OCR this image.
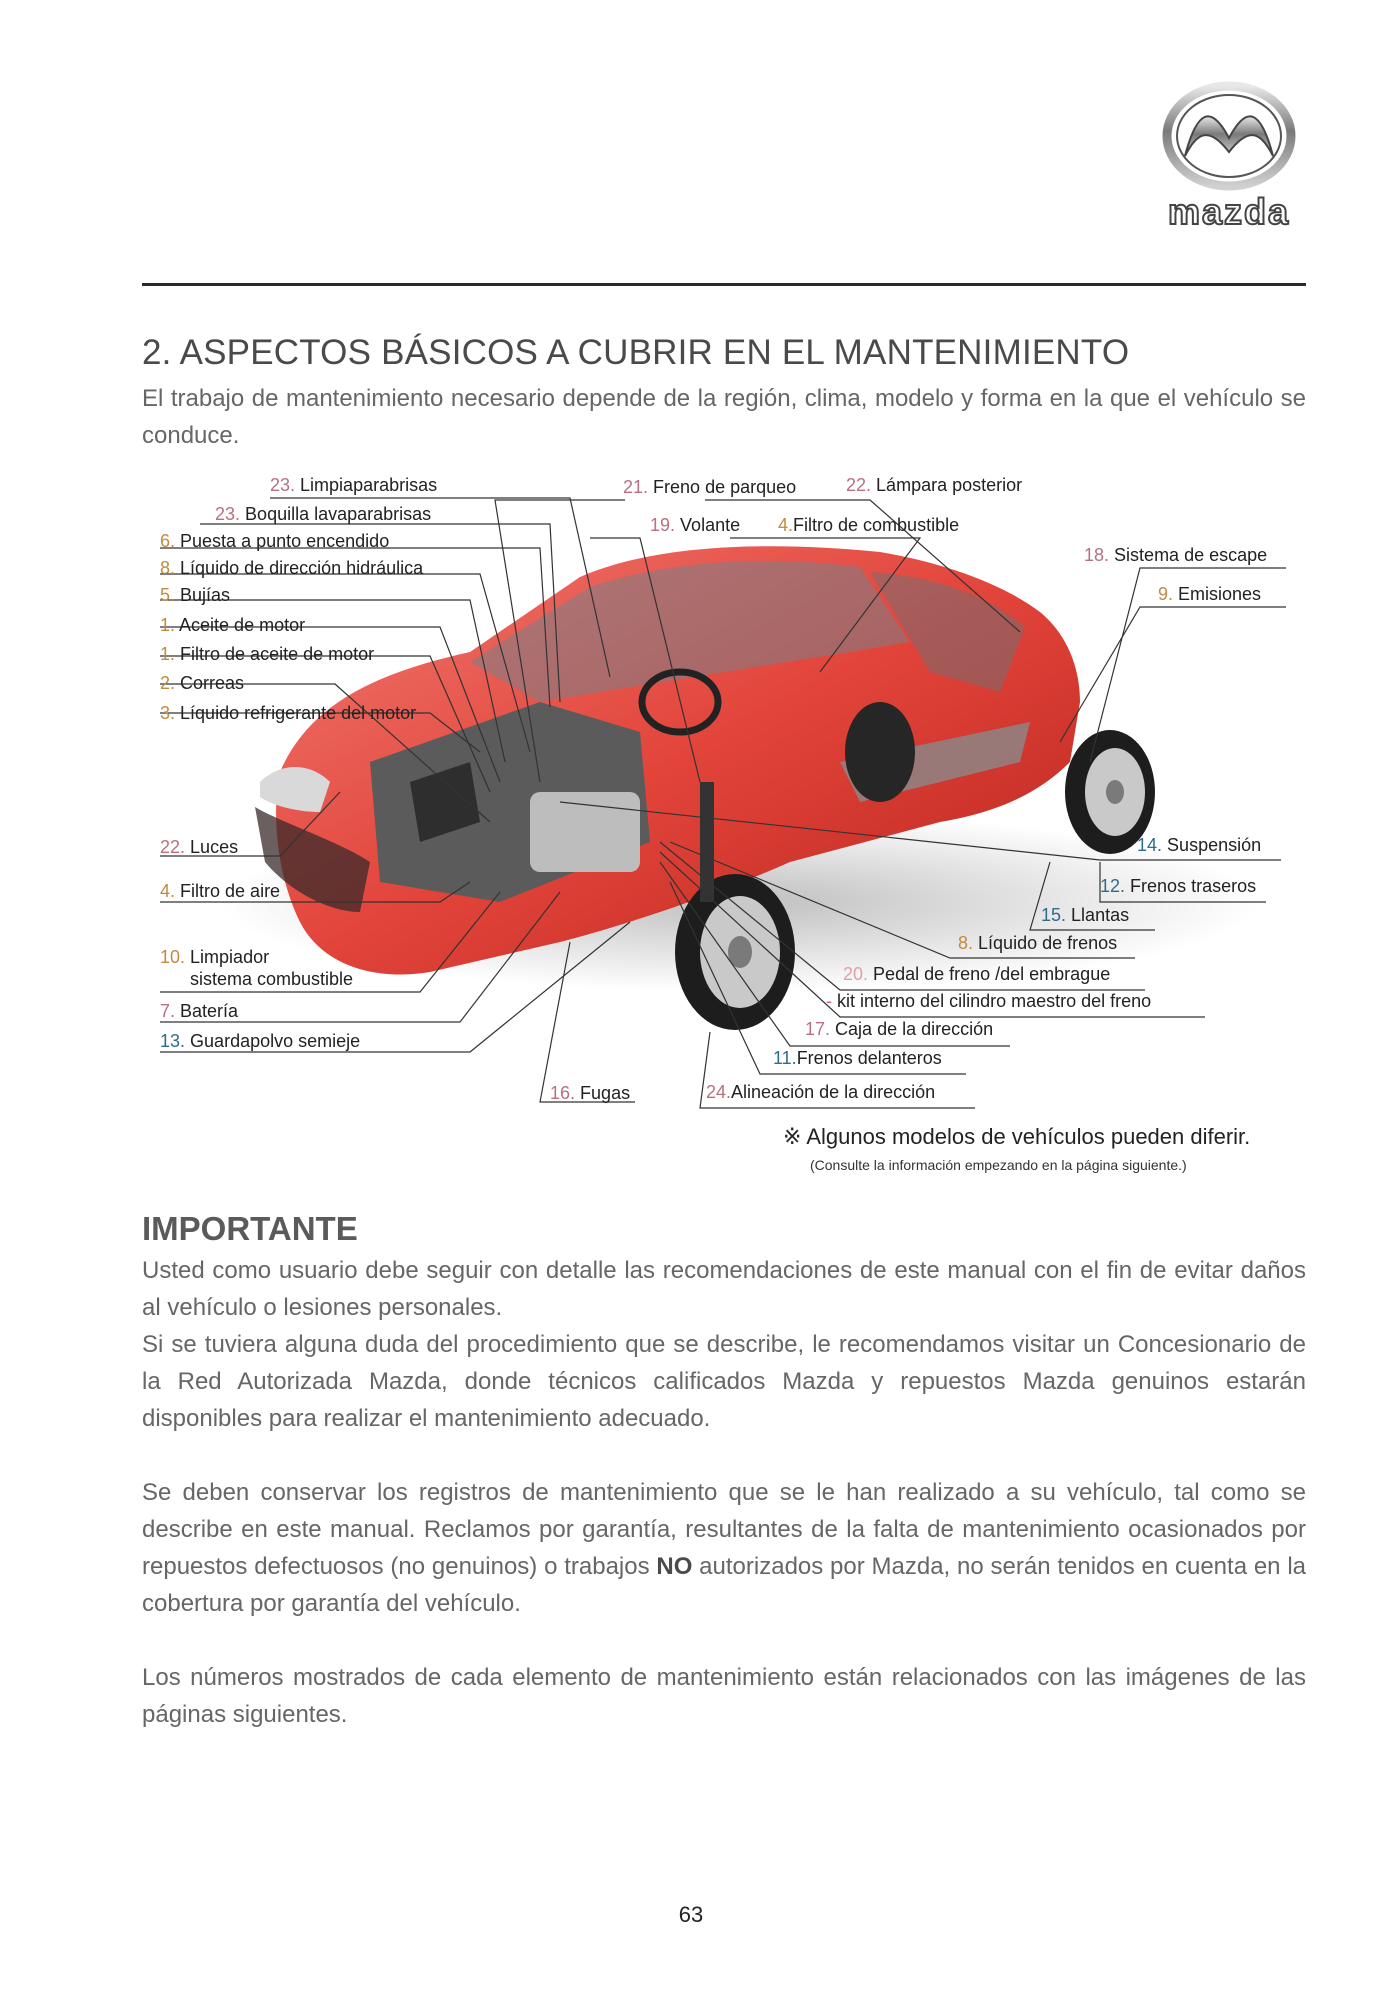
mazda
2. ASPECTOS BÁSICOS A CUBRIR EN EL MANTENIMIENTO

El trabajo de mantenimiento necesario depende de la región, clima, modelo y forma en la que el vehículo se conduce.

23. Limpiaparabrisas
23. Boquilla lavaparabrisas
6. Puesta a punto encendido
8. Líquido de dirección hidráulica
5. Bujías
1. Aceite de motor
1. Filtro de aceite de motor
2. Correas
3. Líquido refrigerante del motor
22. Luces
4. Filtro de aire
10. Limpiador
sistema combustible
7. Batería
13. Guardapolvo semieje
16. Fugas
21. Freno de parqueo	22. Lámpara posterior
19. Volante 4.Filtro de combustible
18. Sistema de escape
9. Emisiones
14. Suspensión
12. Frenos traseros
15. Llantas
8. Líquido de frenos
20. Pedal de freno /del embrague
- kit interno del cilindro maestro del freno
17. Caja de la dirección
11.Frenos delanteros
24.Alineación de la dirección
※ Algunos modelos de vehículos pueden diferir.
(Consulte la información empezando en la página siguiente.)
IMPORTANTE

Usted como usuario debe seguir con detalle las recomendaciones de este manual con el fin de evitar daños al vehículo o lesiones personales.

Si se tuviera alguna duda del procedimiento que se describe, le recomendamos visitar un Concesionario de la Red Autorizada Mazda, donde técnicos calificados Mazda y repuestos Mazda genuinos estarán disponibles para realizar el mantenimiento adecuado.

Se deben conservar los registros de mantenimiento que se le han realizado a su vehículo, tal como se describe en este manual. Reclamos por garantía, resultantes de la falta de mantenimiento ocasionados por repuestos defectuosos (no genuinos) o trabajos NO autorizados por Mazda, no serán tenidos en cuenta en la cobertura por garantía del vehículo.

Los números mostrados de cada elemento de mantenimiento están relacionados con las imágenes de las páginas siguientes.

63
